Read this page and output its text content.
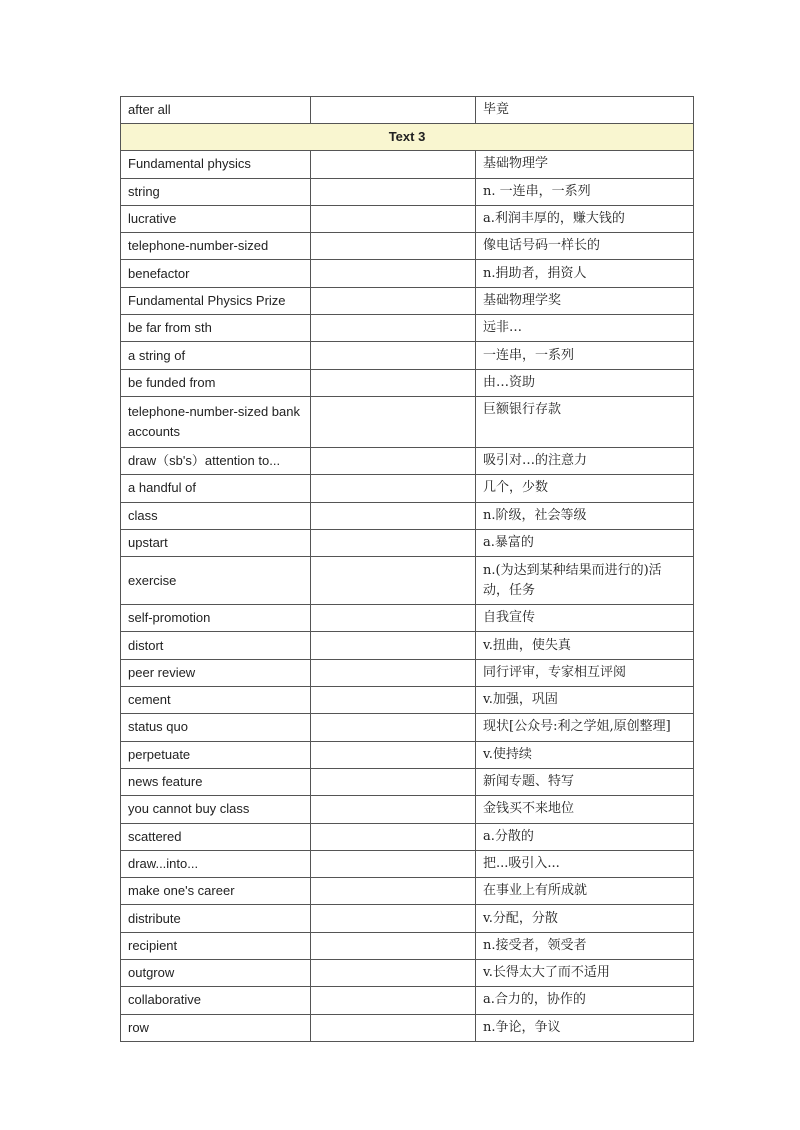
after all		毕竟
Text 3		
Fundamental physics		基础物理学
string		n. 一连串，一系列
lucrative		a.利润丰厚的，赚大钱的
telephone-number-sized		像电话号码一样长的
benefactor		n.捐助者，捐资人
Fundamental Physics Prize		基础物理学奖
be far from sth		远非…
a string of		一连串，一系列
be funded from		由…资助
telephone-number-sized bank accounts		巨额银行存款
draw（sb's）attention to...		吸引对…的注意力
a handful of		几个，少数
class		n.阶级，社会等级
upstart		a.暴富的
exercise		n.(为达到某种结果而进行的)活动，任务
self-promotion		自我宣传
distort		v.扭曲，使失真
peer review		同行评审，专家相互评阅
cement		v.加强，巩固
status quo		现状[公众号:利之学姐,原创整理]
perpetuate		v.使持续
news feature		新闻专题、特写
you cannot buy class		金钱买不来地位
scattered		a.分散的
draw...into...		把...吸引入...
make one's career		在事业上有所成就
distribute		v.分配，分散
recipient		n.接受者，领受者
outgrow		v.长得太大了而不适用
collaborative		a.合力的，协作的
row		n.争论，争议
